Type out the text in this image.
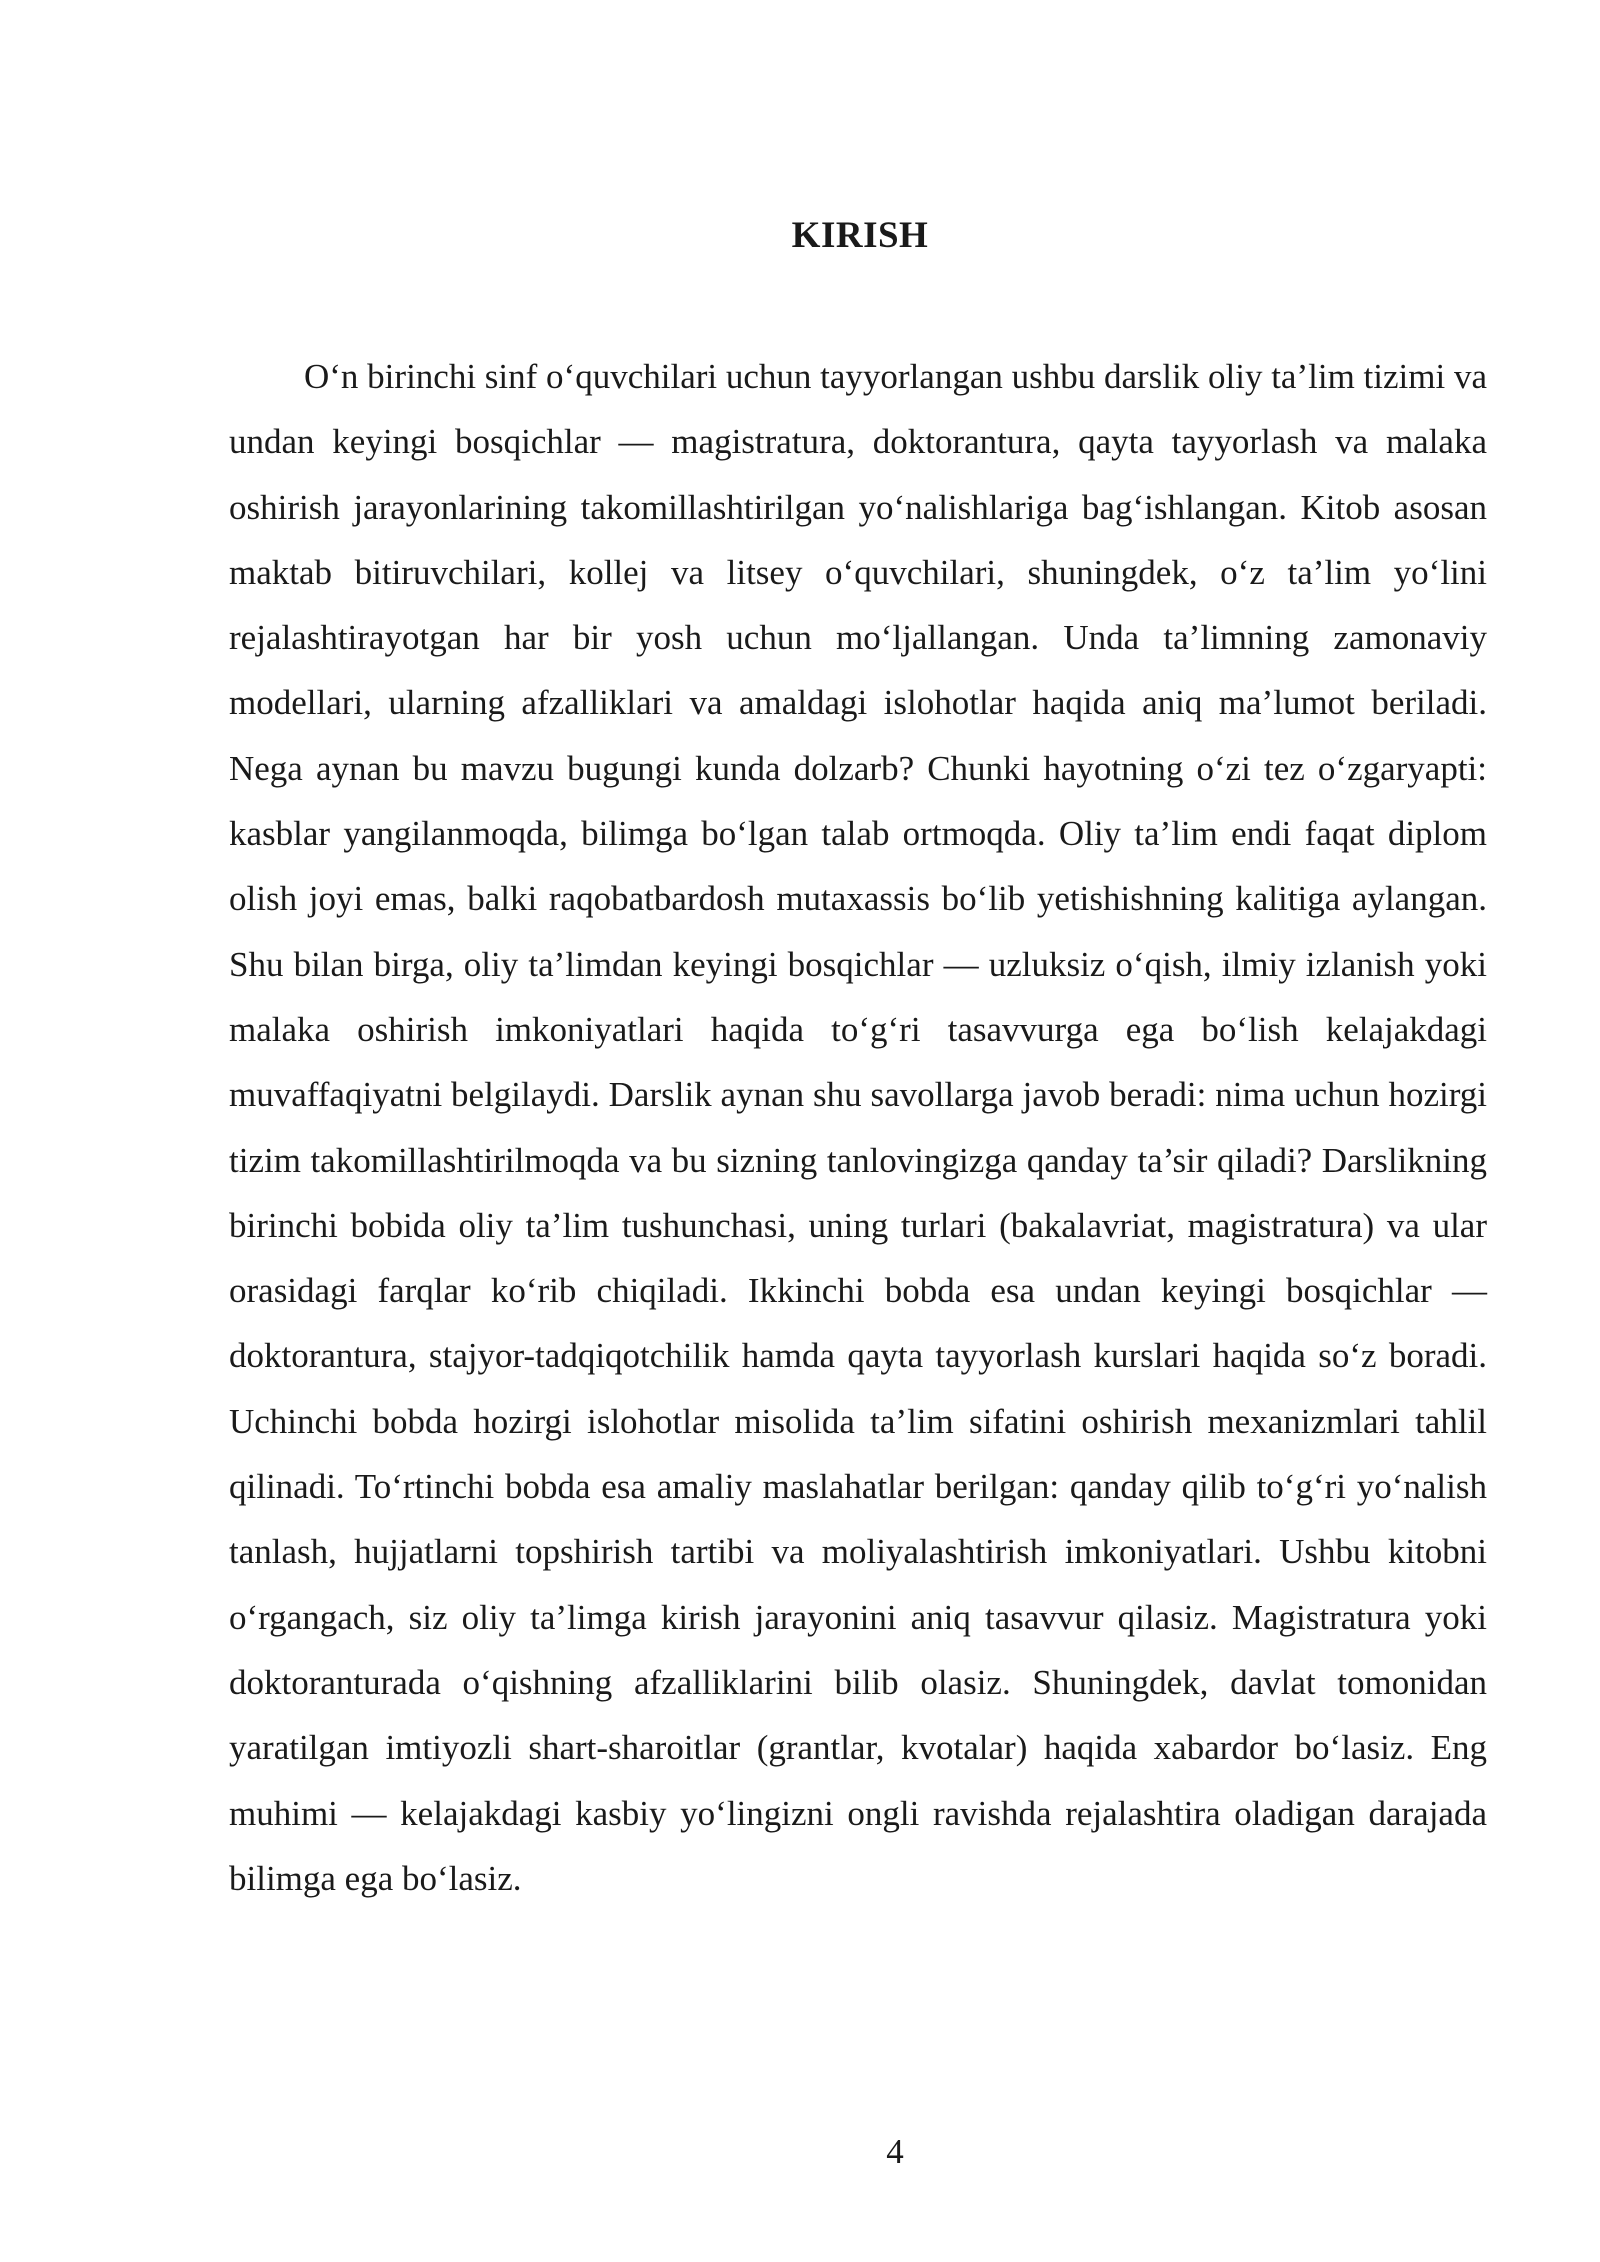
KIRISH

O‘n birinchi sinf o‘quvchilari uchun tayyorlangan ushbu darslik oliy ta’lim tizimi va undan keyingi bosqichlar — magistratura, doktorantura, qayta tayyorlash va malaka oshirish jarayonlarining takomillashtirilgan yo‘nalishlariga bag‘ishlangan. Kitob asosan maktab bitiruvchilari, kollej va litsey o‘quvchilari, shuningdek, o‘z ta’lim yo‘lini rejalashtirayotgan har bir yosh uchun mo‘ljallangan. Unda ta’limning zamonaviy modellari, ularning afzalliklari va amaldagi islohotlar haqida aniq ma’lumot beriladi. Nega aynan bu mavzu bugungi kunda dolzarb? Chunki hayotning o‘zi tez o‘zgaryapti: kasblar yangilanmoqda, bilimga bo‘lgan talab ortmoqda. Oliy ta’lim endi faqat diplom olish joyi emas, balki raqobatbardosh mutaxassis bo‘lib yetishishning kalitiga aylangan. Shu bilan birga, oliy ta’limdan keyingi bosqichlar — uzluksiz o‘qish, ilmiy izlanish yoki malaka oshirish imkoniyatlari haqida to‘g‘ri tasavvurga ega bo‘lish kelajakdagi muvaffaqiyatni belgilaydi. Darslik aynan shu savollarga javob beradi: nima uchun hozirgi tizim takomillashtirilmoqda va bu sizning tanlovingizga qanday ta’sir qiladi? Darslikning birinchi bobida oliy ta’lim tushunchasi, uning turlari (bakalavriat, magistratura) va ular orasidagi farqlar ko‘rib chiqiladi. Ikkinchi bobda esa undan keyingi bosqichlar — doktorantura, stajyor-tadqiqotchilik hamda qayta tayyorlash kurslari haqida so‘z boradi. Uchinchi bobda hozirgi islohotlar misolida ta’lim sifatini oshirish mexanizmlari tahlil qilinadi. To‘rtinchi bobda esa amaliy maslahatlar berilgan: qanday qilib to‘g‘ri yo‘nalish tanlash, hujjatlarni topshirish tartibi va moliyalashtirish imkoniyatlari. Ushbu kitobni o‘rgangach, siz oliy ta’limga kirish jarayonini aniq tasavvur qilasiz. Magistratura yoki doktoranturada o‘qishning afzalliklarini bilib olasiz. Shuningdek, davlat tomonidan yaratilgan imtiyozli shart-sharoitlar (grantlar, kvotalar) haqida xabardor bo‘lasiz. Eng muhimi — kelajakdagi kasbiy yo‘lingizni ongli ravishda rejalashtira oladigan darajada bilimga ega bo‘lasiz.

4
